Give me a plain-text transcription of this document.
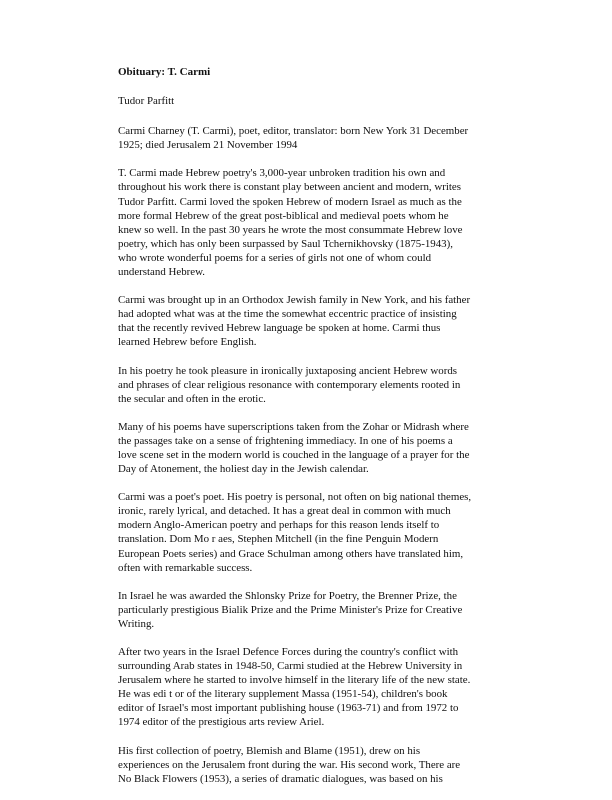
Obituary: T. Carmi
Tudor Parfitt
Carmi Charney (T. Carmi), poet, editor, translator: born New York 31 December
1925; died Jerusalem 21 November 1994
T. Carmi made Hebrew poetry's 3,000-year unbroken tradition his own and
throughout his work there is constant play between ancient and modern, writes
Tudor Parfitt. Carmi loved the spoken Hebrew of modern Israel as much as the
more formal Hebrew of the great post-biblical and medieval poets whom he
knew so well. In the past 30 years he wrote the most consummate Hebrew love
poetry, which has only been surpassed by Saul Tchernikhovsky (1875-1943),
who wrote wonderful poems for a series of girls not one of whom could
understand Hebrew.
Carmi was brought up in an Orthodox Jewish family in New York, and his father
had adopted what was at the time the somewhat eccentric practice of insisting
that the recently revived Hebrew language be spoken at home. Carmi thus
learned Hebrew before English.
In his poetry he took pleasure in ironically juxtaposing ancient Hebrew words
and phrases of clear religious resonance with contemporary elements rooted in
the secular and often in the erotic.
Many of his poems have superscriptions taken from the Zohar or Midrash where
the passages take on a sense of frightening immediacy. In one of his poems a
love scene set in the modern world is couched in the language of a prayer for the
Day of Atonement, the holiest day in the Jewish calendar.
Carmi was a poet's poet. His poetry is personal, not often on big national themes,
ironic, rarely lyrical, and detached. It has a great deal in common with much
modern Anglo-American poetry and perhaps for this reason lends itself to
translation. Dom Mo r aes, Stephen Mitchell (in the fine Penguin Modern
European Poets series) and Grace Schulman among others have translated him,
often with remarkable success.
In Israel he was awarded the Shlonsky Prize for Poetry, the Brenner Prize, the
particularly prestigious Bialik Prize and the Prime Minister's Prize for Creative
Writing.
After two years in the Israel Defence Forces during the country's conflict with
surrounding Arab states in 1948-50, Carmi studied at the Hebrew University in
Jerusalem where he started to involve himself in the literary life of the new state.
He was edi t or of the literary supplement Massa (1951-54), children's book
editor of Israel's most important publishing house (1963-71) and from 1972 to
1974 editor of the prestigious arts review Ariel.
His first collection of poetry, Blemish and Blame (1951), drew on his
experiences on the Jerusalem front during the war. His second work, There are
No Black Flowers (1953), a series of dramatic dialogues, was based on his
